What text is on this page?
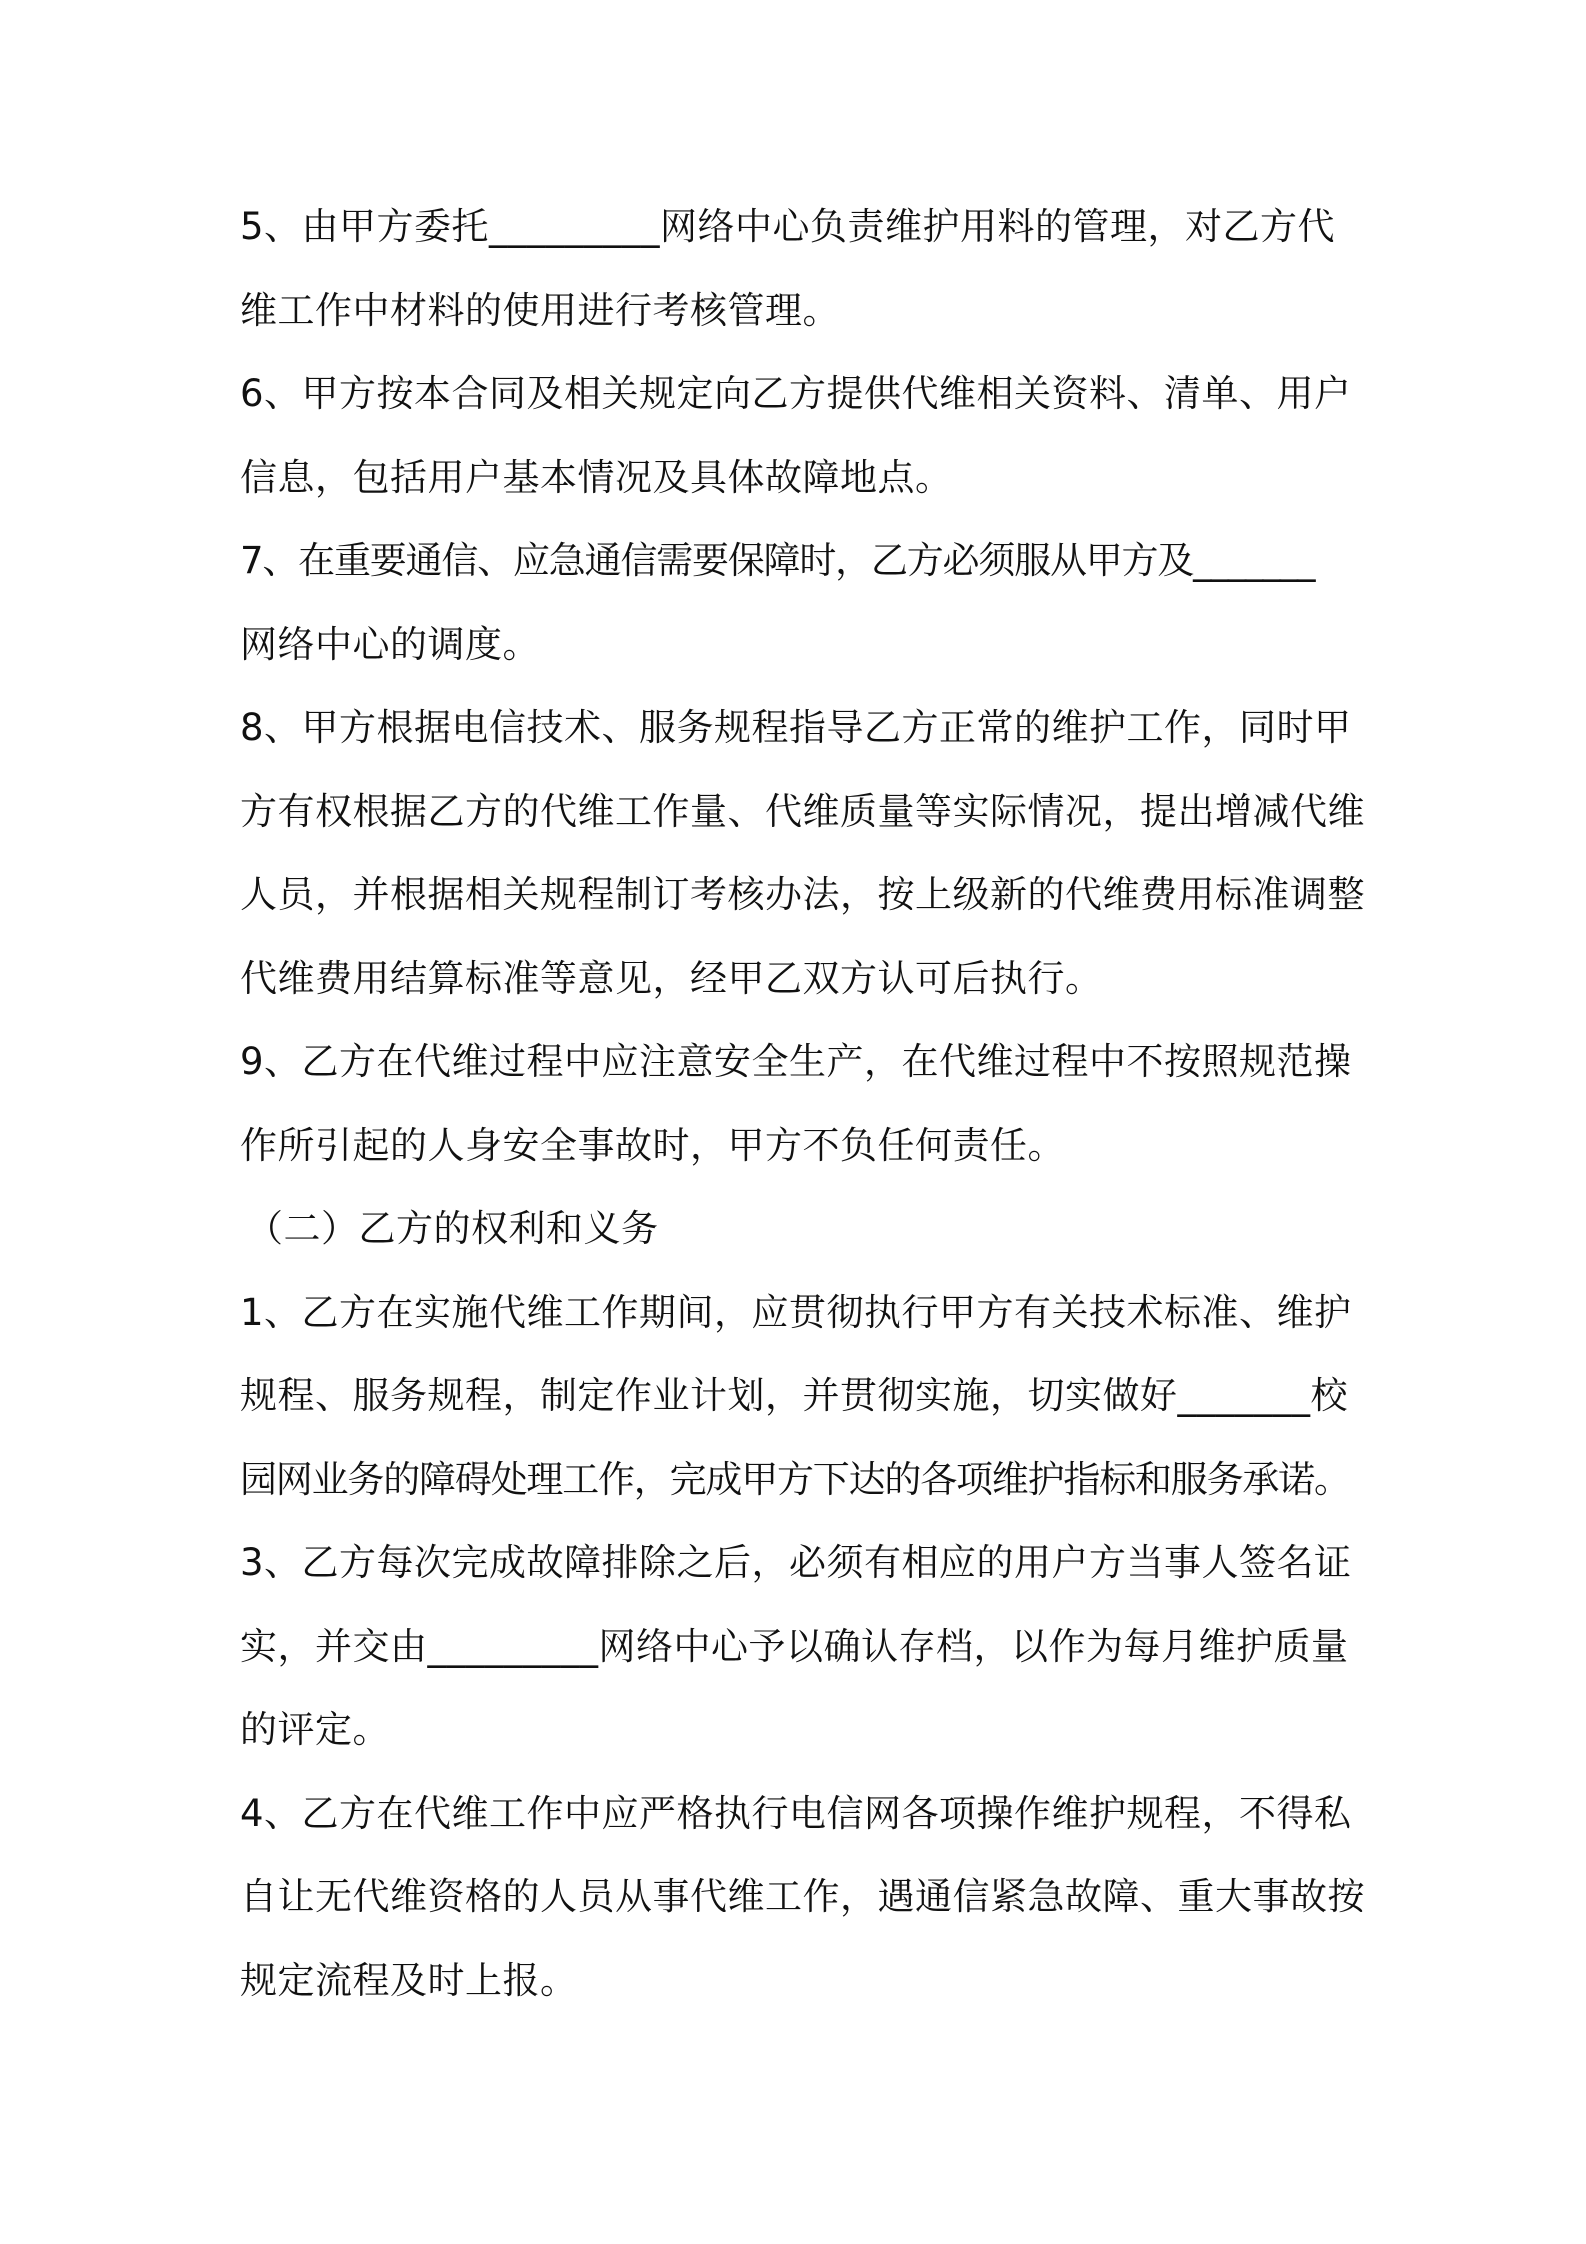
5、由甲方委托_________网络中心负责维护用料的管理，对乙方代
维工作中材料的使用进行考核管理。
6、甲方按本合同及相关规定向乙方提供代维相关资料、清单、用户
信息，包括用户基本情况及具体故障地点。
7、在重要通信、应急通信需要保障时，乙方必须服从甲方及_______
网络中心的调度。
8、甲方根据电信技术、服务规程指导乙方正常的维护工作，同时甲
方有权根据乙方的代维工作量、代维质量等实际情况，提出增减代维
人员，并根据相关规程制订考核办法，按上级新的代维费用标准调整
代维费用结算标准等意见，经甲乙双方认可后执行。
9、乙方在代维过程中应注意安全生产，在代维过程中不按照规范操
作所引起的人身安全事故时，甲方不负任何责任。
（二）乙方的权利和义务
1、乙方在实施代维工作期间，应贯彻执行甲方有关技术标准、维护
规程、服务规程，制定作业计划，并贯彻实施，切实做好_______校
园网业务的障碍处理工作，完成甲方下达的各项维护指标和服务承诺。
3、乙方每次完成故障排除之后，必须有相应的用户方当事人签名证
实，并交由_________网络中心予以确认存档，以作为每月维护质量
的评定。
4、乙方在代维工作中应严格执行电信网各项操作维护规程，不得私
自让无代维资格的人员从事代维工作，遇通信紧急故障、重大事故按
规定流程及时上报。
